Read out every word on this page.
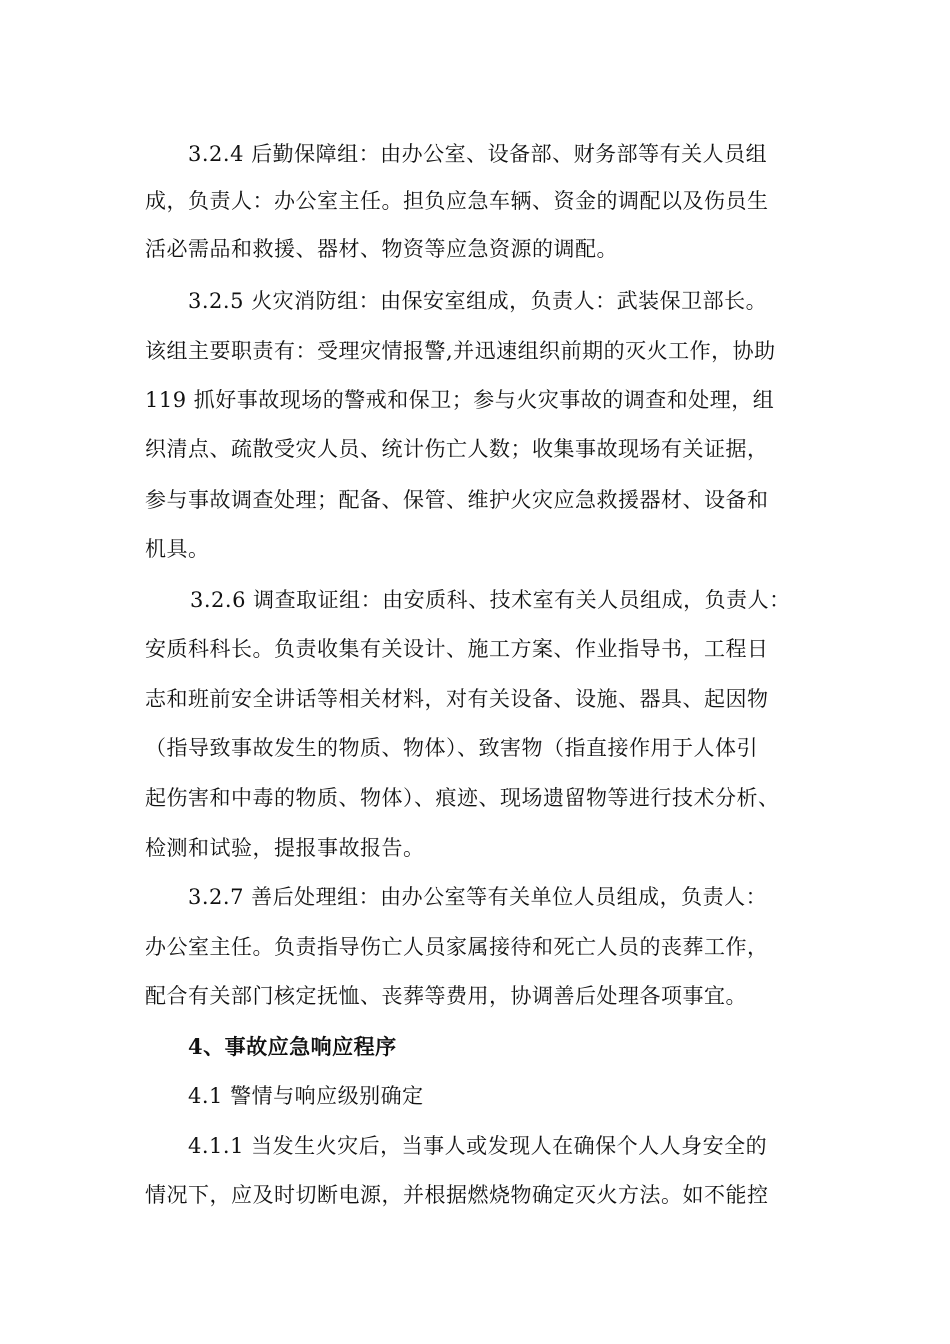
3.2.4 后勤保障组：由办公室、设备部、财务部等有关人员组
成，负责人：办公室主任。担负应急车辆、资金的调配以及伤员生
活必需品和救援、器材、物资等应急资源的调配。
3.2.5 火灾消防组：由保安室组成，负责人：武装保卫部长。
该组主要职责有：受理灾情报警,并迅速组织前期的灭火工作，协助
119 抓好事故现场的警戒和保卫；参与火灾事故的调查和处理，组
织清点、疏散受灾人员、统计伤亡人数；收集事故现场有关证据，
参与事故调查处理；配备、保管、维护火灾应急救援器材、设备和
机具。
3.2.6 调查取证组：由安质科、技术室有关人员组成，负责人：
安质科科长。负责收集有关设计、施工方案、作业指导书，工程日
志和班前安全讲话等相关材料，对有关设备、设施、器具、起因物
（指导致事故发生的物质、物体）、致害物（指直接作用于人体引
起伤害和中毒的物质、物体）、痕迹、现场遗留物等进行技术分析、
检测和试验，提报事故报告。
3.2.7 善后处理组：由办公室等有关单位人员组成，负责人：
办公室主任。负责指导伤亡人员家属接待和死亡人员的丧葬工作，
配合有关部门核定抚恤、丧葬等费用，协调善后处理各项事宜。
4、事故应急响应程序
4.1 警情与响应级别确定
4.1.1 当发生火灾后，当事人或发现人在确保个人人身安全的
情况下，应及时切断电源，并根据燃烧物确定灭火方法。如不能控
